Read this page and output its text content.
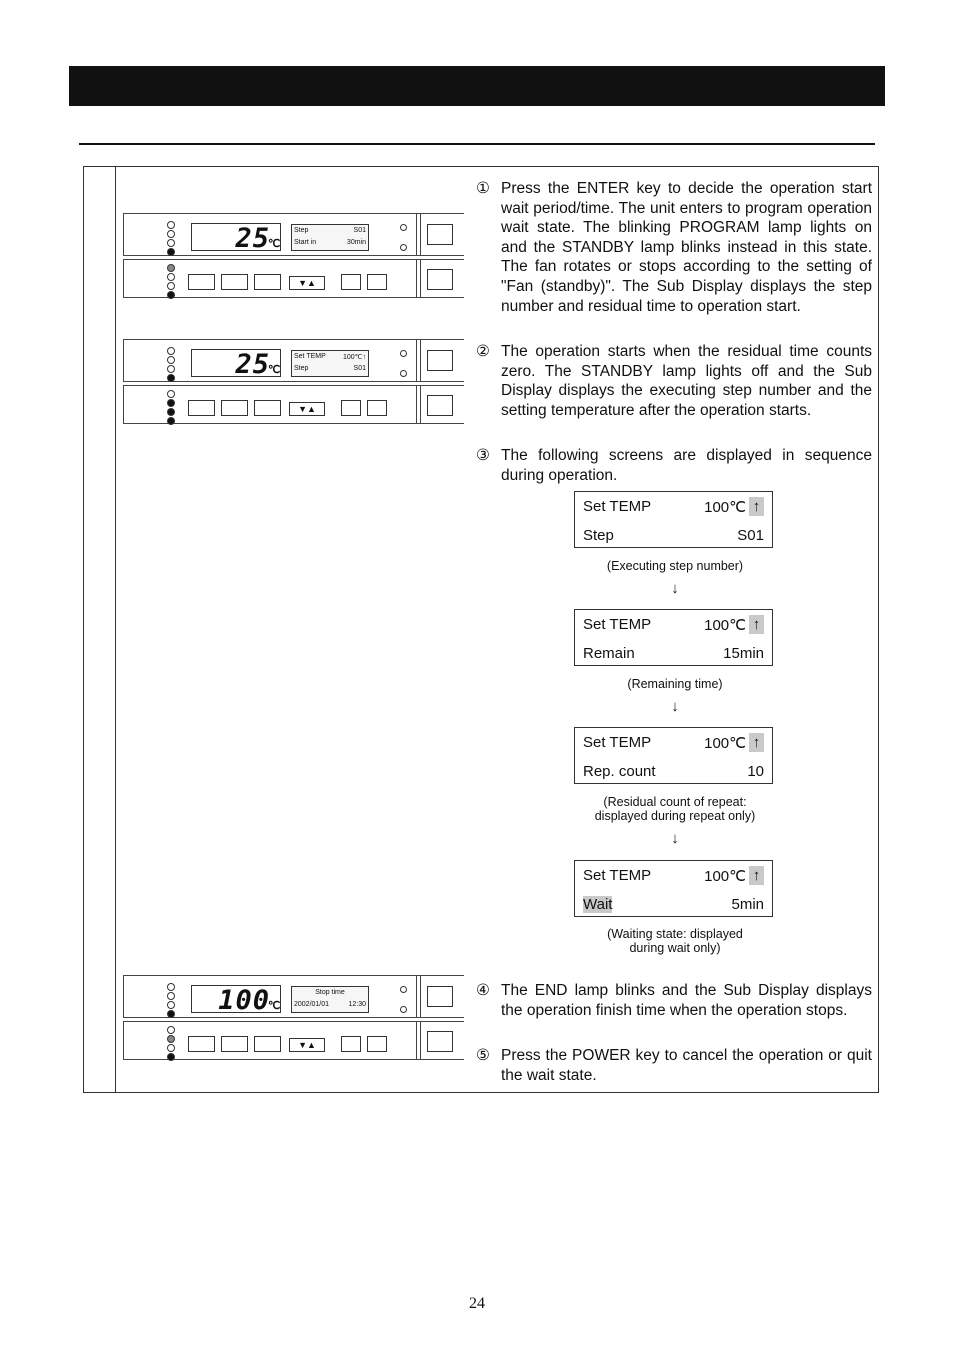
25
℃
Step	S01
Start in	30min
▼▲
25
℃
Set TEMP 100℃↑
Step	S01
▼▲
100
℃
Stop time
2002/01/01	12:30
▼▲
① Press the ENTER key to decide the operation start wait period/time. The unit enters to program operation wait state. The blinking PROGRAM lamp lights on and the STANDBY lamp blinks instead in this state. The fan rotates or stops according to the setting of "Fan (standby)". The Sub Display displays the step number and residual time to operation start.
② The operation starts when the residual time counts zero. The STANDBY lamp lights off and the Sub Display displays the executing step number and the setting temperature after the operation starts.
③ The following screens are displayed in sequence during operation.
④ The END lamp blinks and the Sub Display displays the operation finish time when the operation stops.
⑤ Press the POWER key to cancel the operation or quit the wait state.
Set TEMP	100℃ ↑
Step	S01
(Executing step number)
↓
Set TEMP	100℃ ↑
Remain	15min
(Remaining time)
↓
Set TEMP	100℃ ↑
Rep. count	10
(Residual count of repeat:
displayed during repeat only)
↓
Set TEMP	100℃ ↑
Wait	5min
(Waiting state: displayed
during wait only)
24
